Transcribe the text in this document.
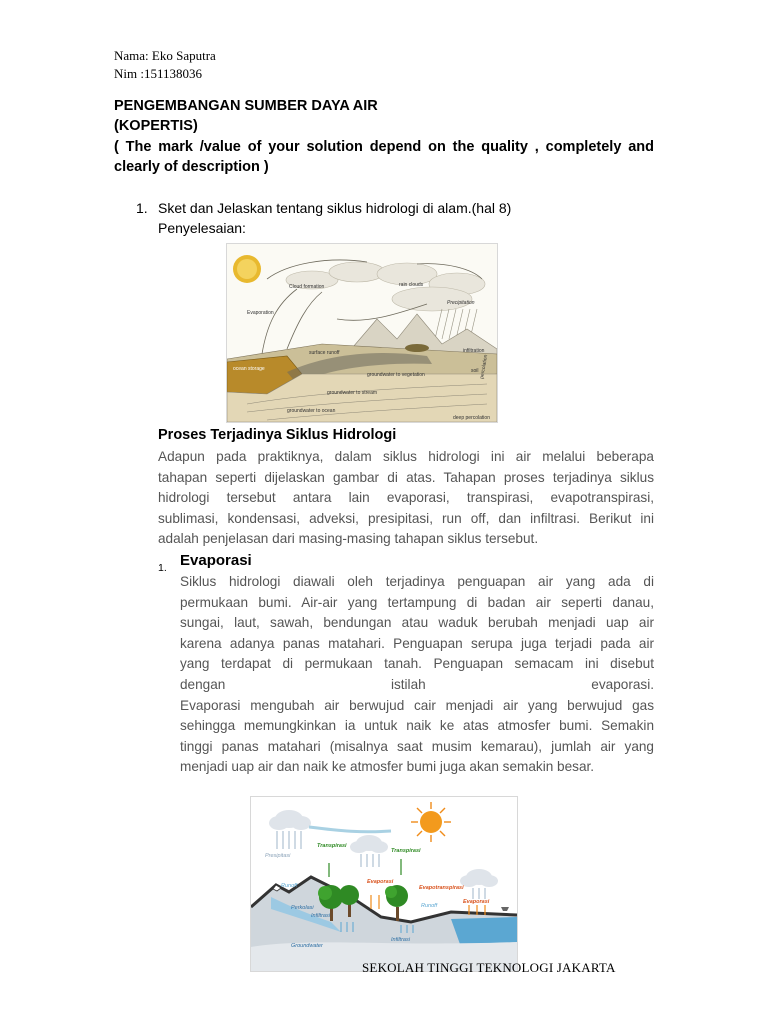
Nama: Eko Saputra
Nim :151138036
PENGEMBANGAN SUMBER DAYA AIR
(KOPERTIS)
( The mark /value of your solution depend on the quality , completely and
clearly of description )
1. Sket dan Jelaskan tentang siklus hidrologi di alam.(hal 8)
Penyelesaian:
Cloud formation	rain clouds
Precipitation
Evaporation
ocean storage
surface runoff	infiltration
soil percolation
groundwater to ocean
groundwater to vegetation
groundwater to stream
deep percolation
Proses Terjadinya Siklus Hidrologi
Adapun pada praktiknya, dalam siklus hidrologi ini air melalui beberapa
tahapan seperti dijelaskan gambar di atas. Tahapan proses terjadinya siklus
hidrologi tersebut antara lain evaporasi, transpirasi, evapotranspirasi,
sublimasi, kondensasi, adveksi, presipitasi, run off, dan infiltrasi. Berikut ini
adalah penjelasan dari masing-masing tahapan siklus tersebut.
1. Evaporasi
Siklus hidrologi diawali oleh terjadinya penguapan air yang ada di
permukaan bumi. Air-air yang tertampung di badan air seperti danau,
sungai, laut, sawah, bendungan atau waduk berubah menjadi uap air
karena adanya panas matahari. Penguapan serupa juga terjadi pada air
yang terdapat di permukaan tanah. Penguapan semacam ini disebut
dengan istilah evaporasi.
Evaporasi mengubah air berwujud cair menjadi air yang berwujud gas
sehingga memungkinkan ia untuk naik ke atas atmosfer bumi. Semakin
tinggi panas matahari (misalnya saat musim kemarau), jumlah air yang
menjadi uap air dan naik ke atmosfer bumi juga akan semakin besar.
Presipitasi
Transpirasi
Transpirasi
Evaporasi
Evapotranspirasi
Evaporasi
Runoff
Runoff
Infiltrasi
Infiltrasi
Perkolasi
Groundwater
SEKOLAH TINGGI TEKNOLOGI JAKARTA
